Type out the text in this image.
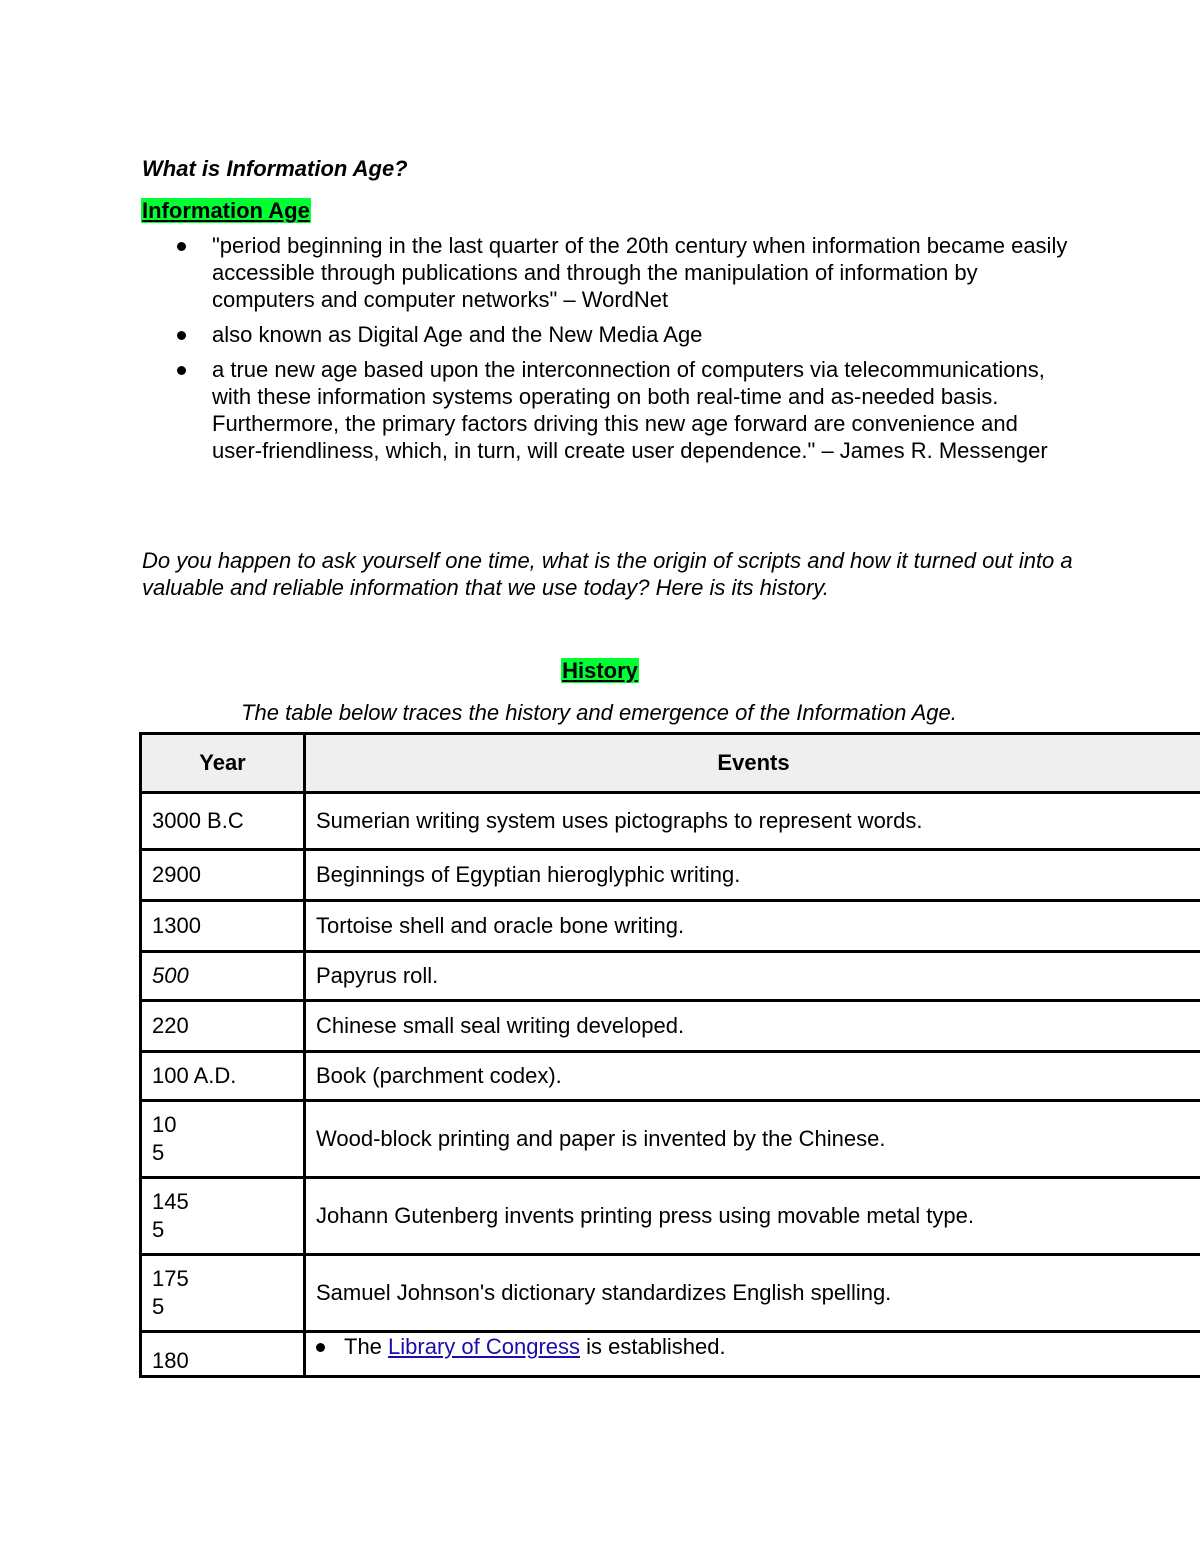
What is Information Age?
Information Age
"period beginning in the last quarter of the 20th century when information became easily accessible through publications and through the manipulation of information by computers and computer networks" – WordNet
also known as Digital Age and the New Media Age
a true new age based upon the interconnection of computers via telecommunications, with these information systems operating on both real-time and as-needed basis. Furthermore, the primary factors driving this new age forward are convenience and user-friendliness, which, in turn, will create user dependence." – James R. Messenger

Do you happen to ask yourself one time, what is the origin of scripts and how it turned out into a valuable and reliable information that we use today? Here is its history.

History
The table below traces the history and emergence of the Information Age.
Year	Events

3000 B.C	Sumerian writing system uses pictographs to represent words.

2900	Beginnings of Egyptian hieroglyphic writing.

1300	Tortoise shell and oracle bone writing.

500	Papyrus roll.

220	Chinese small seal writing developed.

100 A.D.	Book (parchment codex).

10
5	Wood-block printing and paper is invented by the Chinese.

145
5	Johann Gutenberg invents printing press using movable metal type.

175
5	Samuel Johnson's dictionary standardizes English spelling.

180	The Library of Congress is established.
